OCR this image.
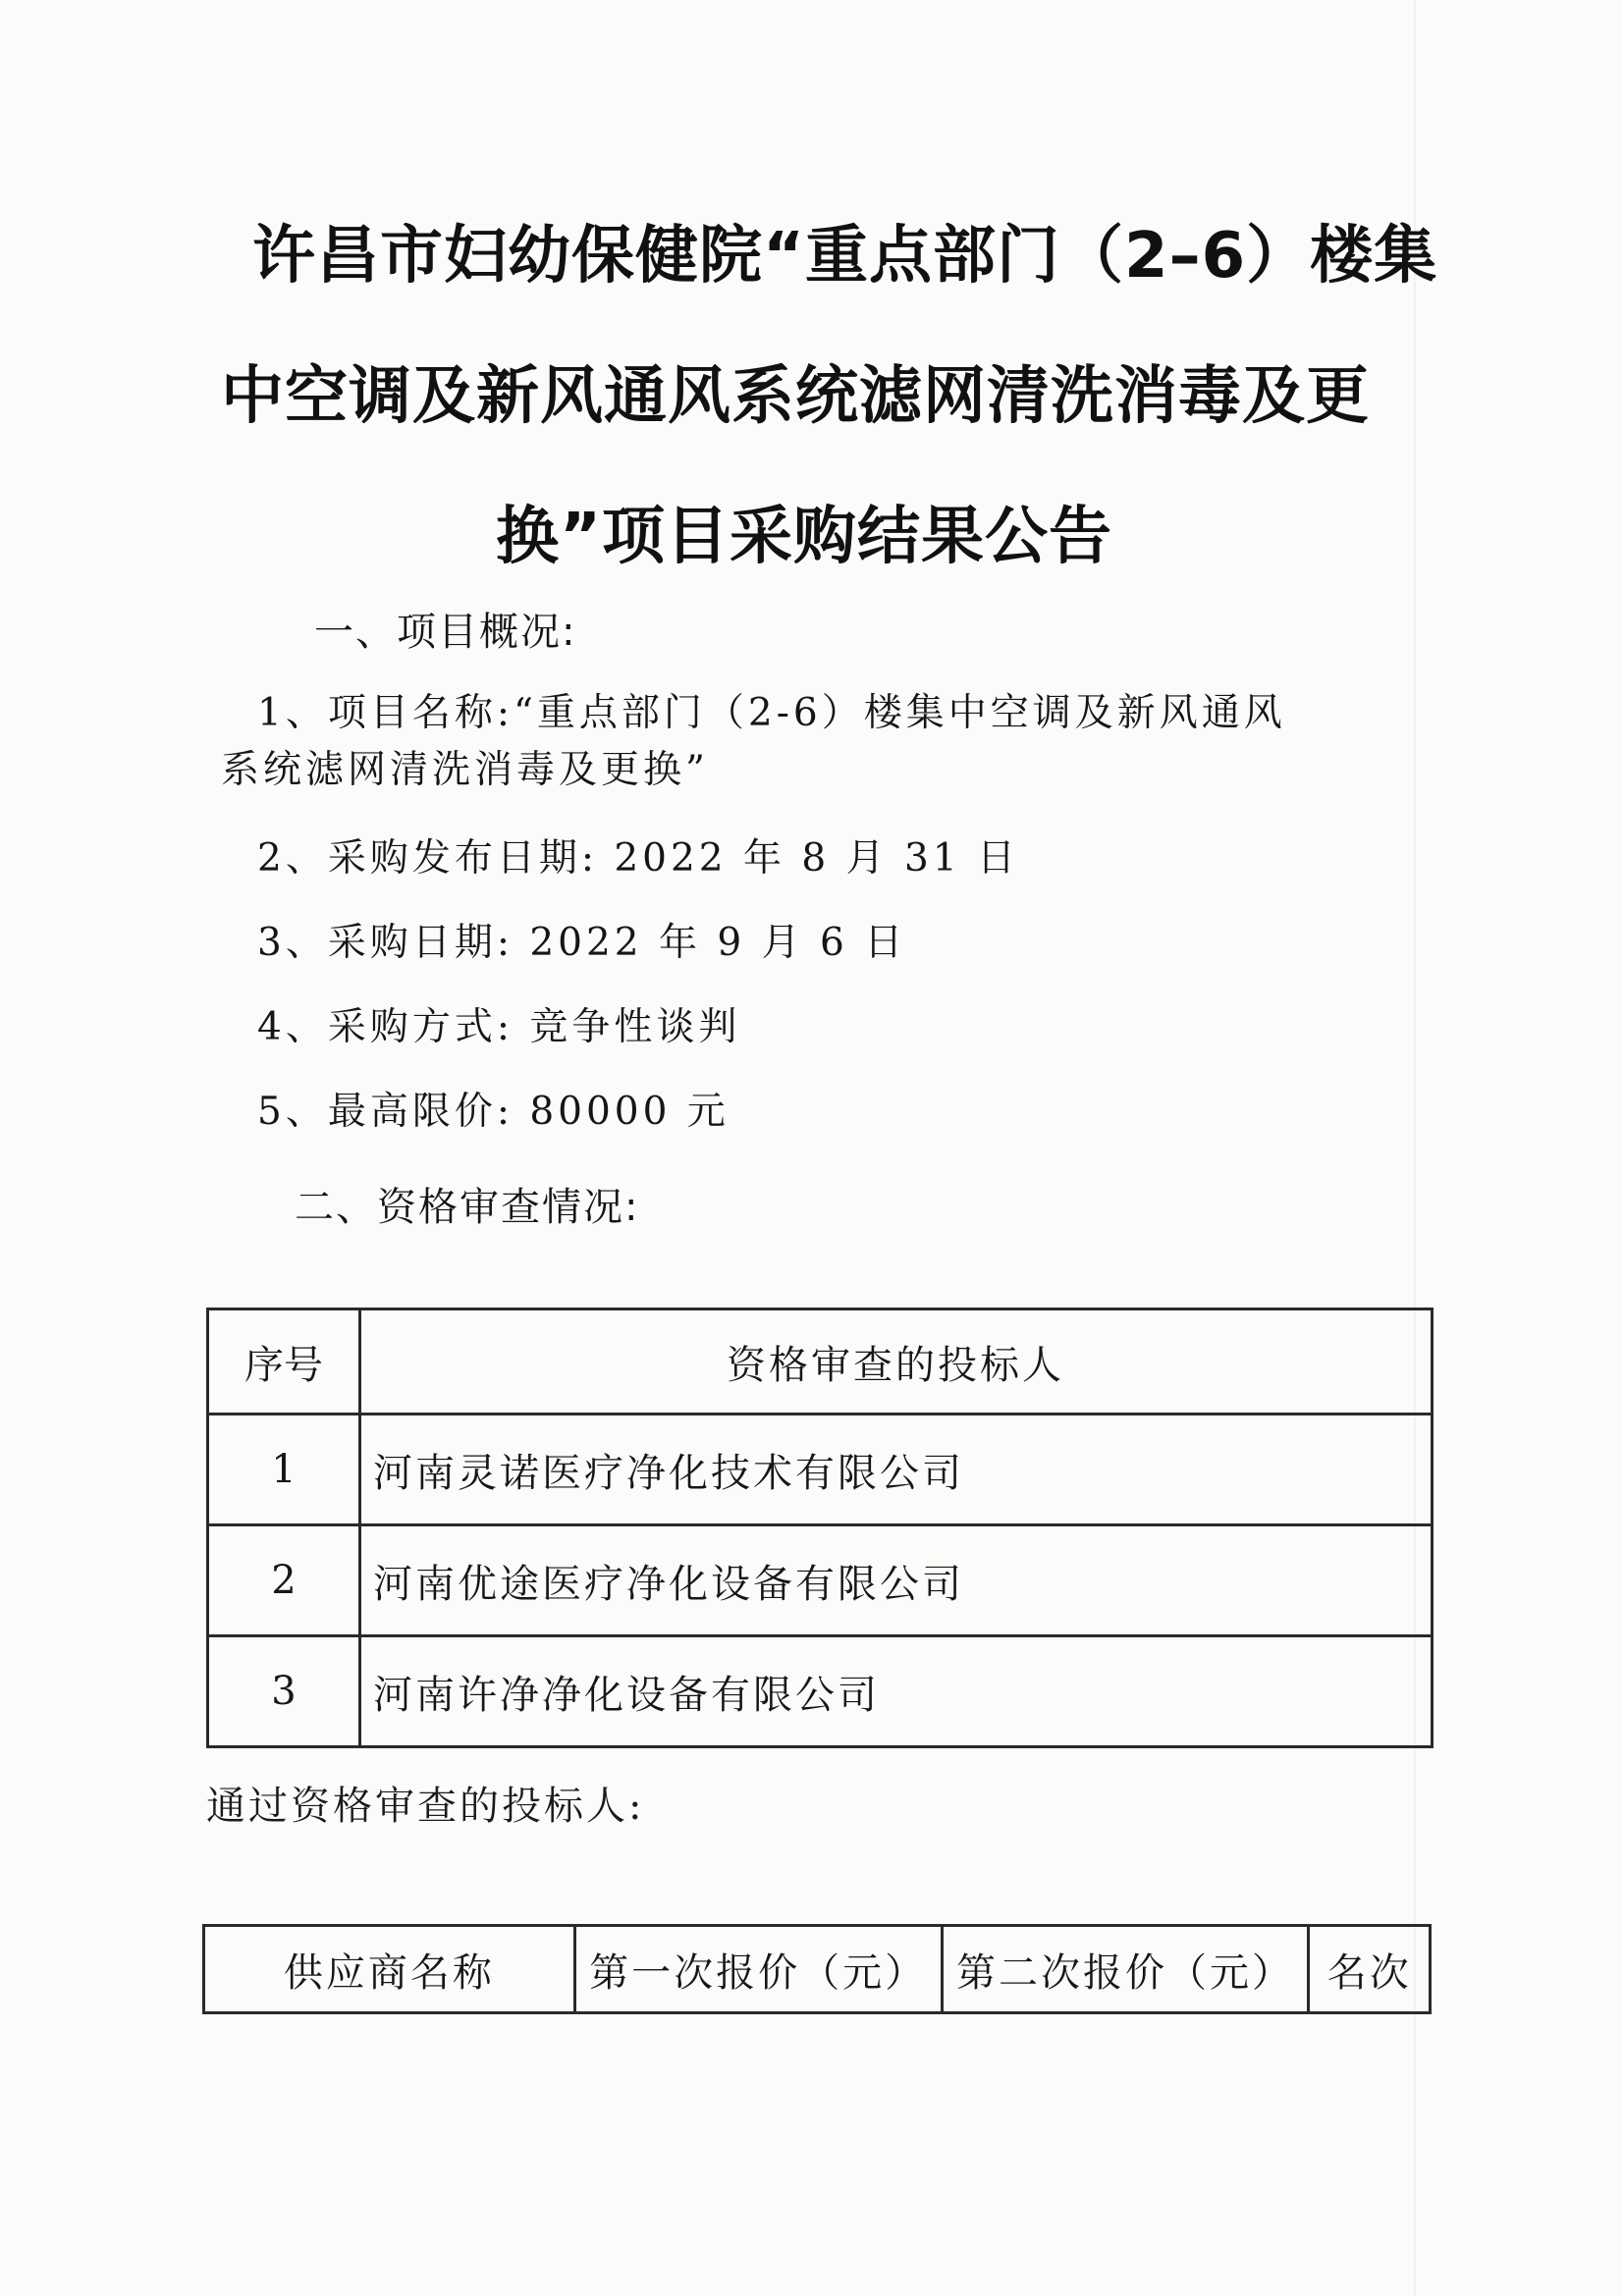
许昌市妇幼保健院“重点部门（2–6）楼集
中空调及新风通风系统滤网清洗消毒及更
换”项目采购结果公告
一、项目概况:
1、项目名称:“重点部门（2-6）楼集中空调及新风通风
系统滤网清洗消毒及更换”
2、采购发布日期: 2022 年 8 月 31 日
3、采购日期: 2022 年 9 月 6 日
4、采购方式: 竞争性谈判
5、最高限价: 80000 元
二、资格审查情况:
序号	资格审查的投标人
1	河南灵诺医疗净化技术有限公司
2	河南优途医疗净化设备有限公司
3	河南许净净化设备有限公司
通过资格审查的投标人:
供应商名称	第一次报价（元）	第二次报价（元）	名次
